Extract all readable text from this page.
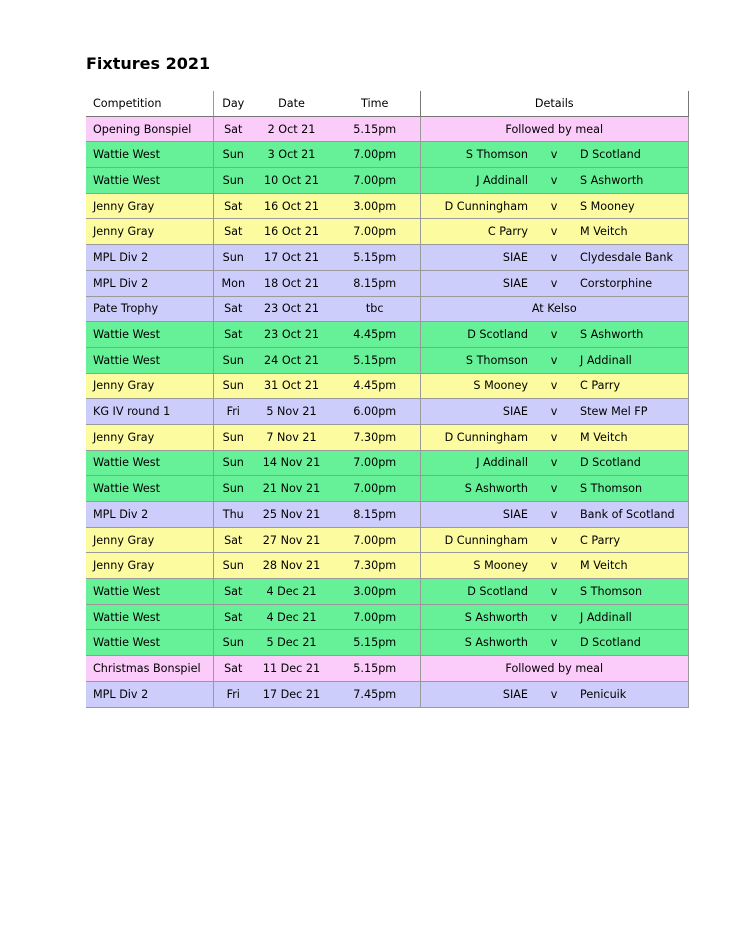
Fixtures 2021
Competition	Day	Date	Time	Details		
Opening Bonspiel	Sat	2 Oct 21	5.15pm	Followed by meal		
Wattie West	Sun	3 Oct 21	7.00pm	S Thomson	v	D Scotland
Wattie West	Sun	10 Oct 21	7.00pm	J Addinall	v	S Ashworth
Jenny Gray	Sat	16 Oct 21	3.00pm	D Cunningham	v	S Mooney
Jenny Gray	Sat	16 Oct 21	7.00pm	C Parry	v	M Veitch
MPL Div 2	Sun	17 Oct 21	5.15pm	SIAE	v	Clydesdale Bank
MPL Div 2	Mon	18 Oct 21	8.15pm	SIAE	v	Corstorphine
Pate Trophy	Sat	23 Oct 21	tbc	At Kelso		
Wattie West	Sat	23 Oct 21	4.45pm	D Scotland	v	S Ashworth
Wattie West	Sun	24 Oct 21	5.15pm	S Thomson	v	J Addinall
Jenny Gray	Sun	31 Oct 21	4.45pm	S Mooney	v	C Parry
KG IV round 1	Fri	5 Nov 21	6.00pm	SIAE	v	Stew Mel FP
Jenny Gray	Sun	7 Nov 21	7.30pm	D Cunningham	v	M Veitch
Wattie West	Sun	14 Nov 21	7.00pm	J Addinall	v	D Scotland
Wattie West	Sun	21 Nov 21	7.00pm	S Ashworth	v	S Thomson
MPL Div 2	Thu	25 Nov 21	8.15pm	SIAE	v	Bank of Scotland
Jenny Gray	Sat	27 Nov 21	7.00pm	D Cunningham	v	C Parry
Jenny Gray	Sun	28 Nov 21	7.30pm	S Mooney	v	M Veitch
Wattie West	Sat	4 Dec 21	3.00pm	D Scotland	v	S Thomson
Wattie West	Sat	4 Dec 21	7.00pm	S Ashworth	v	J Addinall
Wattie West	Sun	5 Dec 21	5.15pm	S Ashworth	v	D Scotland
Christmas Bonspiel	Sat	11 Dec 21	5.15pm	Followed by meal		
MPL Div 2	Fri	17 Dec 21	7.45pm	SIAE	v	Penicuik
